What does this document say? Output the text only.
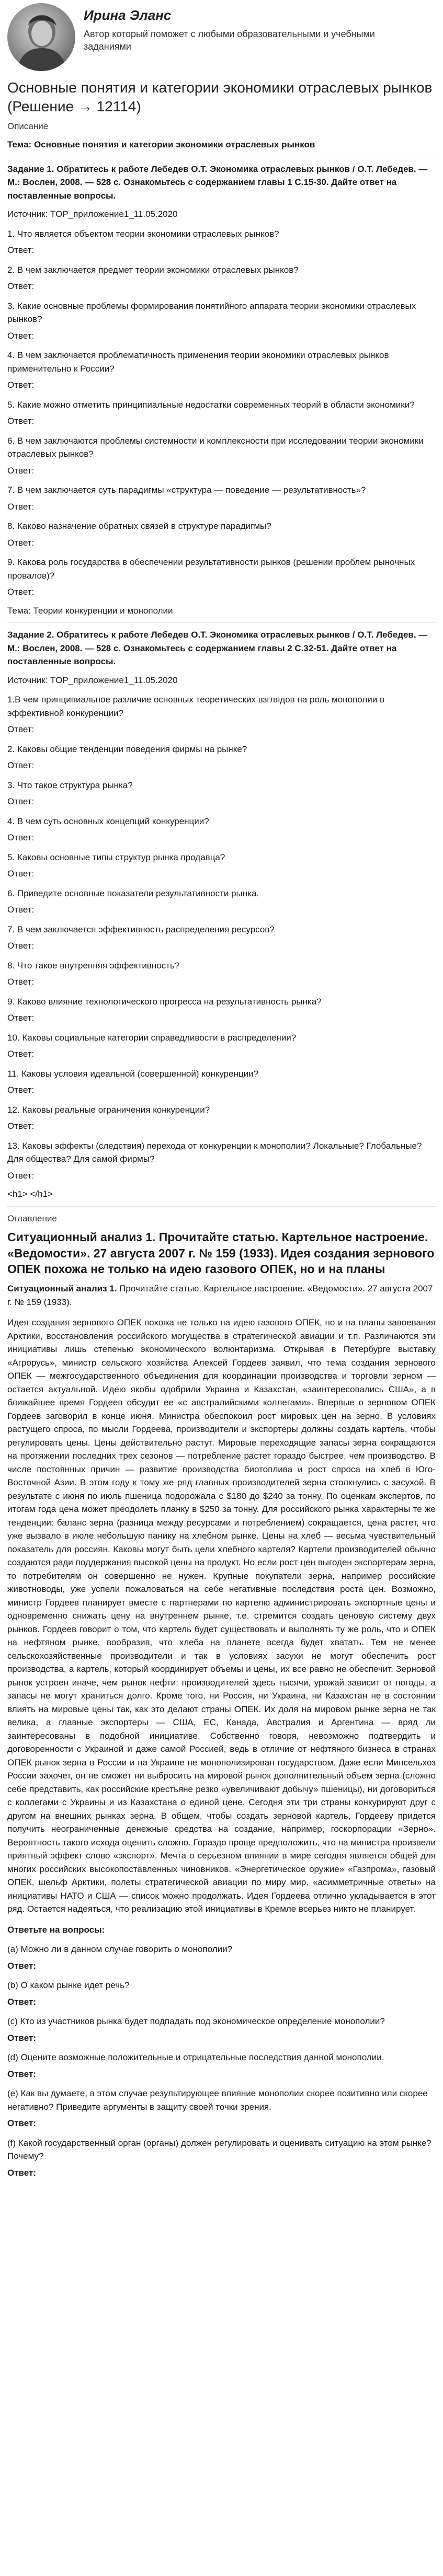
Ирина Эланс
Автор который поможет с любыми образовательными и учебными заданиями
Основные понятия и категории экономики отраслевых рынков (Решение → 12114)
Описание
Тема: Основные понятия и категории экономики отраслевых рынков
Задание 1. Обратитесь к работе Лебедев О.Т. Экономика отраслевых рынков / О.Т. Лебедев. — М.: Вослен, 2008. — 528 с. Ознакомьтесь с содержанием главы 1 С.15-30. Дайте ответ на поставленные вопросы.
Источник: TOP_приложение1_11.05.2020
1. Что является объектом теории экономики отраслевых рынков?
Ответ:
2. В чем заключается предмет теории экономики отраслевых рынков?
Ответ:
3. Какие основные проблемы формирования понятийного аппарата теории экономики отраслевых рынков?
Ответ:
4. В чем заключается проблематичность применения теории экономики отраслевых рынков применительно к России?
Ответ:
5. Какие можно отметить принципиальные недостатки современных теорий в области экономики?
Ответ:
6. В чем заключаются проблемы системности и комплексности при исследовании теории экономики отраслевых рынков?
Ответ:
7. В чем заключается суть парадигмы «структура — поведение — результативность»?
Ответ:
8. Каково назначение обратных связей в структуре парадигмы?
Ответ:
9. Какова роль государства в обеспечении результативности рынков (решении проблем рыночных провалов)?
Ответ:
Тема: Теории конкуренции и монополии
Задание 2. Обратитесь к работе Лебедев О.Т. Экономика отраслевых рынков / О.Т. Лебедев. — М.: Вослен, 2008. — 528 с. Ознакомьтесь с содержанием главы 2 С.32-51. Дайте ответ на поставленные вопросы.
Источник: TOP_приложение1_11.05.2020
1.В чем принципиальное различие основных теоретических взглядов на роль монополии в эффективной конкуренции?
Ответ:
2. Каковы общие тенденции поведения фирмы на рынке?
Ответ:
3. Что такое структура рынка?
Ответ:
4. В чем суть основных концепций конкуренции?
Ответ:
5. Каковы основные типы структур рынка продавца?
Ответ:
6. Приведите основные показатели результативности рынка.
Ответ:
7. В чем заключается эффективность распределения ресурсов?
Ответ:
8. Что такое внутренняя эффективность?
Ответ:
9. Каково влияние технологического прогресса на результативность рынка?
Ответ:
10. Каковы социальные категории справедливости в распределении?
Ответ:
11. Каковы условия идеальной (совершенной) конкуренции?
Ответ:
12. Каковы реальные ограничения конкуренции?
Ответ:
13. Каковы эффекты (следствия) перехода от конкуренции к монополии? Локальные? Глобальные? Для общества? Для самой фирмы?
Ответ:
<h1> </h1>
Оглавление
Ситуационный анализ 1. Прочитайте статью. Картельное настроение. «Ведомости». 27 августа 2007 г. № 159 (1933). Идея создания зернового ОПЕК похожа не только на идею газового ОПЕК, но и на планы
Ситуационный анализ 1. Прочитайте статью. Картельное настроение. «Ведомости». 27 августа 2007 г. № 159 (1933).
Идея создания зернового ОПЕК похожа не только на идею газового ОПЕК, но и на планы завоевания Арктики, восстановления российского могущества в стратегической авиации и т.п. Различаются эти инициативы лишь степенью экономического волюнтаризма. Открывая в Петербурге выставку «Агрорусь», министр сельского хозяйства Алексей Гордеев заявил, что тема создания зернового ОПЕК — межгосударственного объединения для координации производства и торговли зерном — остается актуальной. Идею якобы одобрили Украина и Казахстан, «заинтересовались США», а в ближайшее время Гордеев обсудит ее «с австралийскими коллегами». Впервые о зерновом ОПЕК Гордеев заговорил в конце июня. Министра обеспокоил рост мировых цен на зерно. В условиях растущего спроса, по мысли Гордеева, производители и экспортеры должны создать картель, чтобы регулировать цены. Цены действительно растут. Мировые переходящие запасы зерна сокращаются на протяжении последних трех сезонов — потребление растет гораздо быстрее, чем производство. В числе постоянных причин — развитие производства биотоплива и рост спроса на хлеб в Юго-Восточной Азии. В этом году к тому же ряд главных производителей зерна столкнулись с засухой. В результате с июня по июль пшеница подорожала с $180 до $240 за тонну. По оценкам экспертов, по итогам года цена может преодолеть планку в $250 за тонну. Для российского рынка характерны те же тенденции: баланс зерна (разница между ресурсами и потреблением) сокращается, цена растет, что уже вызвало в июле небольшую панику на хлебном рынке. Цены на хлеб — весьма чувствительный показатель для россиян. Каковы могут быть цели хлебного картеля? Картели производителей обычно создаются ради поддержания высокой цены на продукт. Но если рост цен выгоден экспортерам зерна, то потребителям он совершенно не нужен. Крупные покупатели зерна, например российские животноводы, уже успели пожаловаться на себе негативные последствия роста цен. Возможно, министр Гордеев планирует вместе с партнерами по картелю администрировать экспортные цены и одновременно снижать цену на внутреннем рынке, т.е. стремится создать ценовую систему двух рынков. Гордеев говорит о том, что картель будет существовать и выполнять ту же роль, что и ОПЕК на нефтяном рынке, вообразив, что хлеба на планете всегда будет хватать. Тем не менее сельскохозяйственные производители и так в условиях засухи не могут обеспечить рост производства, а картель, который координирует объемы и цены, их все равно не обеспечит. Зерновой рынок устроен иначе, чем рынок нефти: производителей здесь тысячи, урожай зависит от погоды, а запасы не могут храниться долго. Кроме того, ни Россия, ни Украина, ни Казахстан не в состоянии влиять на мировые цены так, как это делают страны ОПЕК. Их доля на мировом рынке зерна не так велика, а главные экспортеры — США, ЕС, Канада, Австралия и Аргентина — вряд ли заинтересованы в подобной инициативе. Собственно говоря, невозможно подтвердить и договоренности с Украиной и даже самой Россией, ведь в отличие от нефтяного бизнеса в странах ОПЕК рынок зерна в России и на Украине не монополизирован государством. Даже если Минсельхоз России захочет, он не сможет ни выбросить на мировой рынок дополнительный объем зерна (сложно себе представить, как российские крестьяне резко «увеличивают добычу» пшеницы), ни договориться с коллегами с Украины и из Казахстана о единой цене. Сегодня эти три страны конкурируют друг с другом на внешних рынках зерна. В общем, чтобы создать зерновой картель, Гордееву придется получить неограниченные денежные средства на создание, например, госкорпорации «Зерно». Вероятность такого исхода оценить сложно. Гораздо проще предположить, что на министра произвели приятный эффект слово «экспорт». Мечта о серьезном влиянии в мире сегодня является общей для многих российских высокопоставленных чиновников. «Энергетическое оружие» «Газпрома», газовый ОПЕК, шельф Арктики, полеты стратегической авиации по миру мир, «асимметричные ответы» на инициативы НАТО и США — список можно продолжать. Идея Гордеева отлично укладывается в этот ряд. Остается надеяться, что реализацию этой инициативы в Кремле всерьез никто не планирует.
Ответьте на вопросы:
(a) Можно ли в данном случае говорить о монополии?
Ответ:
(b) О каком рынке идет речь?
Ответ:
(c) Кто из участников рынка будет подпадать под экономическое определение монополии?
Ответ:
(d) Оцените возможные положительные и отрицательные последствия данной монополии.
Ответ:
(e) Как вы думаете, в этом случае результирующее влияние монополии скорее позитивно или скорее негативно? Приведите аргументы в защиту своей точки зрения.
Ответ:
(f) Какой государственный орган (органы) должен регулировать и оценивать ситуацию на этом рынке? Почему?
Ответ:
